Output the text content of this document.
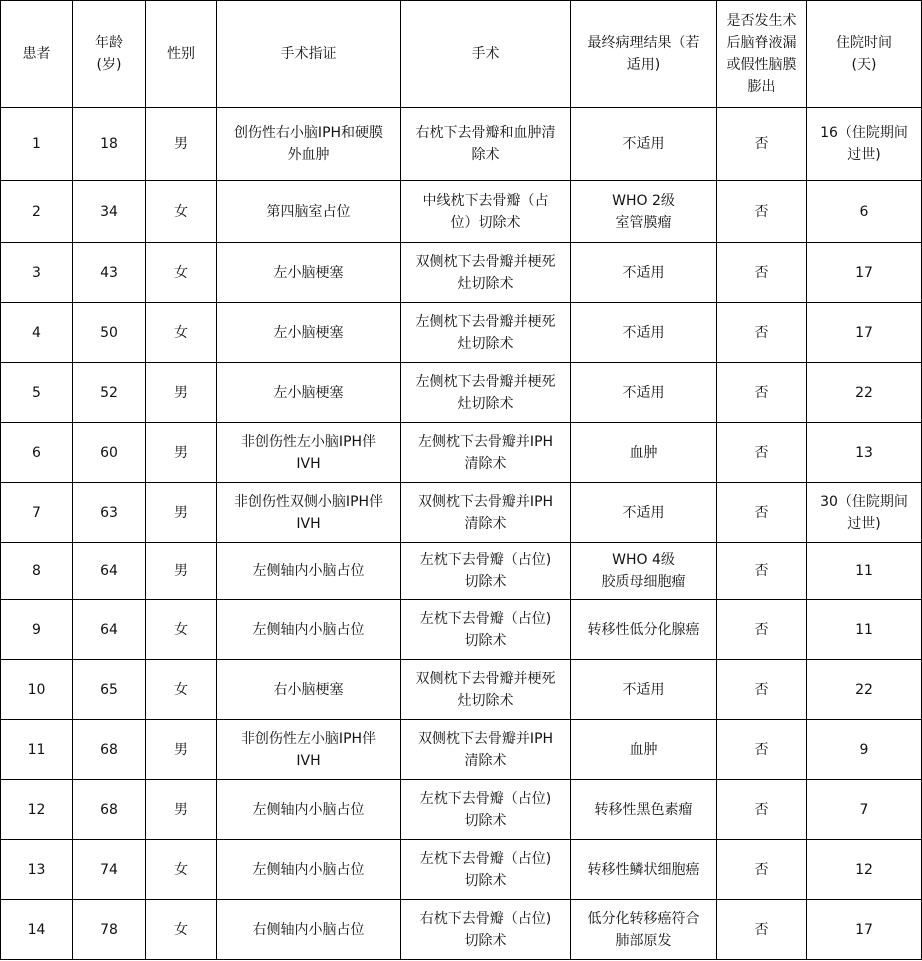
患者	年龄
(岁)	性别	手术指证	手术	最终病理结果（若
适用)	是否发生术
后脑脊液漏
或假性脑膜
膨出	住院时间
(天)
1	18	男	创伤性右小脑IPH和硬膜
外血肿	右枕下去骨瓣和血肿清
除术	不适用	否	16（住院期间
过世)
2	34	女	第四脑室占位	中线枕下去骨瓣（占
位）切除术	WHO 2级
室管膜瘤	否	6
3	43	女	左小脑梗塞	双侧枕下去骨瓣并梗死
灶切除术	不适用	否	17
4	50	女	左小脑梗塞	左侧枕下去骨瓣并梗死
灶切除术	不适用	否	17
5	52	男	左小脑梗塞	左侧枕下去骨瓣并梗死
灶切除术	不适用	否	22
6	60	男	非创伤性左小脑IPH伴
IVH	左侧枕下去骨瓣并IPH
清除术	血肿	否	13
7	63	男	非创伤性双侧小脑IPH伴
IVH	双侧枕下去骨瓣并IPH
清除术	不适用	否	30（住院期间
过世)
8	64	男	左侧轴内小脑占位	左枕下去骨瓣（占位)
切除术	WHO 4级
胶质母细胞瘤	否	11
9	64	女	左侧轴内小脑占位	左枕下去骨瓣（占位)
切除术	转移性低分化腺癌	否	11
10	65	女	右小脑梗塞	双侧枕下去骨瓣并梗死
灶切除术	不适用	否	22
11	68	男	非创伤性左小脑IPH伴
IVH	双侧枕下去骨瓣并IPH
清除术	血肿	否	9
12	68	男	左侧轴内小脑占位	左枕下去骨瓣（占位)
切除术	转移性黑色素瘤	否	7
13	74	女	左侧轴内小脑占位	左枕下去骨瓣（占位)
切除术	转移性鳞状细胞癌	否	12
14	78	女	右侧轴内小脑占位	右枕下去骨瓣（占位)
切除术	低分化转移癌符合
肺部原发	否	17
